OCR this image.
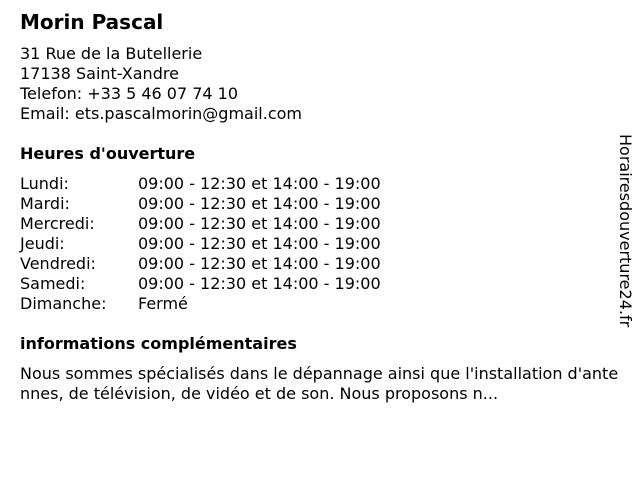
Morin Pascal
31 Rue de la Butellerie
17138 Saint-Xandre
Telefon: +33 5 46 07 74 10
Email: ets.pascalmorin@gmail.com
Heures d'ouverture
Lundi:	09:00 - 12:30 et 14:00 - 19:00
Mardi:	09:00 - 12:30 et 14:00 - 19:00
Mercredi:	09:00 - 12:30 et 14:00 - 19:00
Jeudi:	09:00 - 12:30 et 14:00 - 19:00
Vendredi:	09:00 - 12:30 et 14:00 - 19:00
Samedi:	09:00 - 12:30 et 14:00 - 19:00
Dimanche: Fermé
informations complémentaires
Nous sommes spécialisés dans le dépannage ainsi que l'installation d'antennes, de télévision, de vidéo et de son. Nous proposons n...
Horairesdouverture24.fr
